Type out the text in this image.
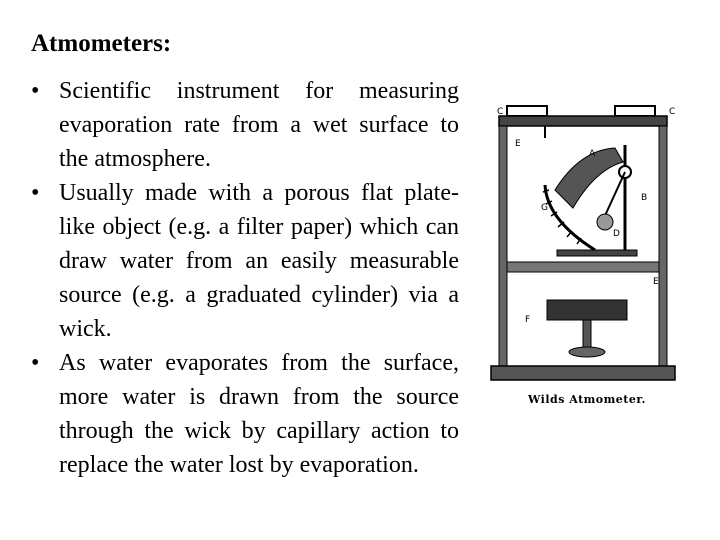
Atmometers:
• Scientific instrument for measuring evaporation rate from a wet surface to the atmosphere.
• Usually made with a porous flat plate-like object (e.g. a filter paper) which can draw water from an easily measurable source (e.g. a graduated cylinder) via a wick.
• As water evaporates from the surface, more water is drawn from the source through the wick by capillary action to replace the water lost by evaporation.
C	C
E
A
B
G
D
E
F
Wilds Atmometer.
